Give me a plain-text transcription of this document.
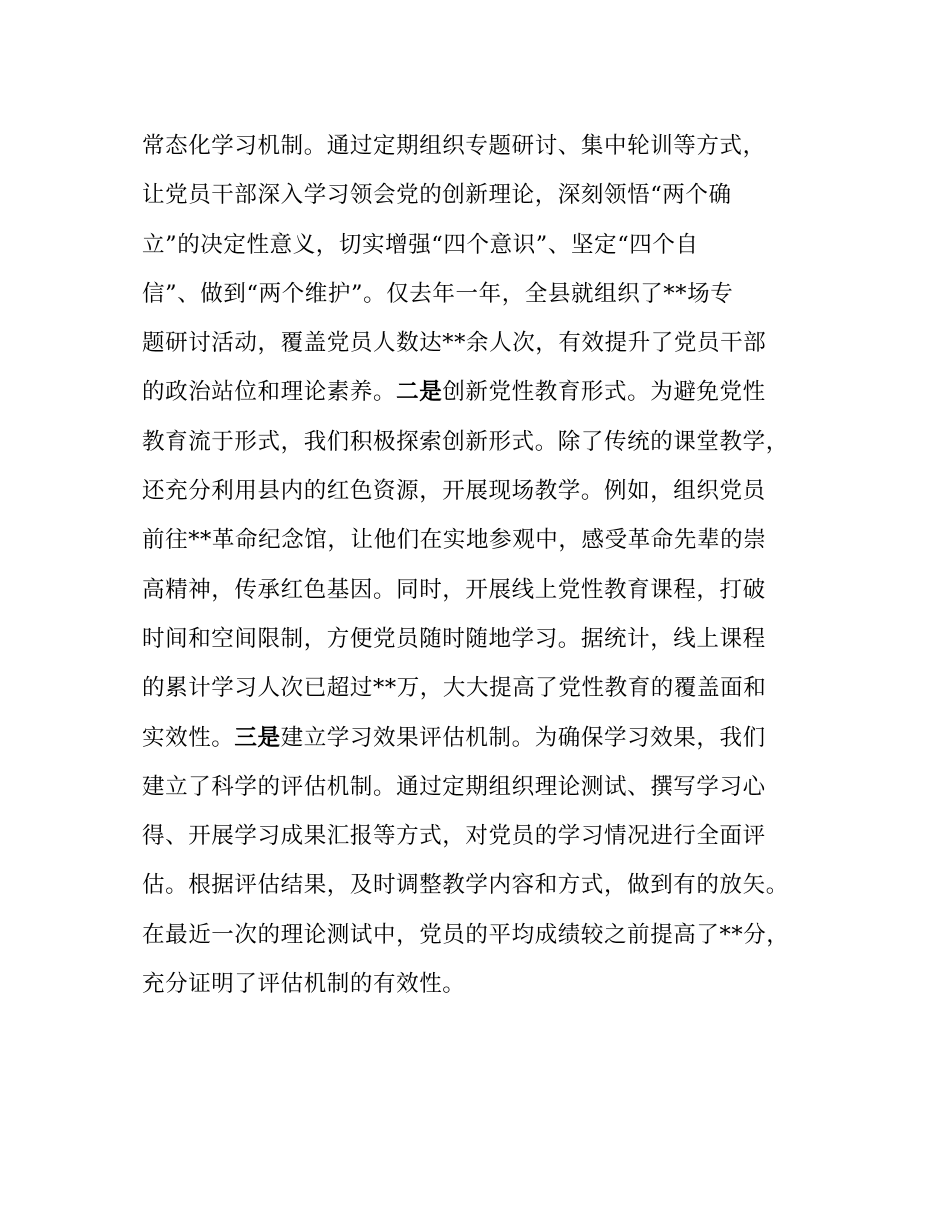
常态化学习机制。通过定期组织专题研讨、集中轮训等方式，
让党员干部深入学习领会党的创新理论，深刻领悟“两个确
立”的决定性意义，切实增强“四个意识”、坚定“四个自
信”、做到“两个维护”。仅去年一年，全县就组织了**场专
题研讨活动，覆盖党员人数达**余人次，有效提升了党员干部
的政治站位和理论素养。二是创新党性教育形式。为避免党性
教育流于形式，我们积极探索创新形式。除了传统的课堂教学，
还充分利用县内的红色资源，开展现场教学。例如，组织党员
前往**革命纪念馆，让他们在实地参观中，感受革命先辈的崇
高精神，传承红色基因。同时，开展线上党性教育课程，打破
时间和空间限制，方便党员随时随地学习。据统计，线上课程
的累计学习人次已超过**万，大大提高了党性教育的覆盖面和
实效性。三是建立学习效果评估机制。为确保学习效果，我们
建立了科学的评估机制。通过定期组织理论测试、撰写学习心
得、开展学习成果汇报等方式，对党员的学习情况进行全面评
估。根据评估结果，及时调整教学内容和方式，做到有的放矢。
在最近一次的理论测试中，党员的平均成绩较之前提高了**分，
充分证明了评估机制的有效性。
